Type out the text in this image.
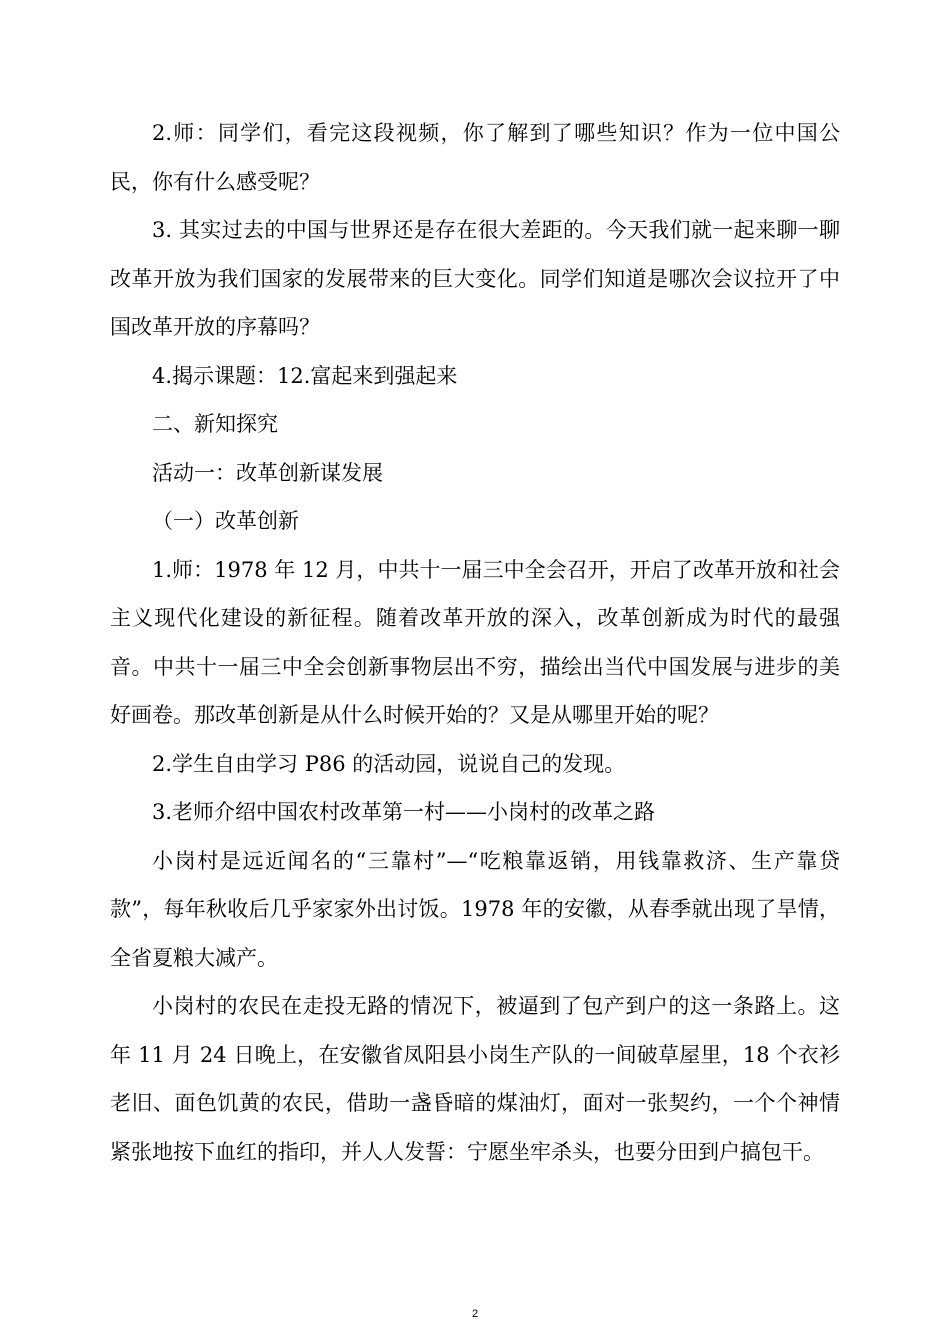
2.师：同学们，看完这段视频，你了解到了哪些知识？作为一位中国公民，你有什么感受呢？

3. 其实过去的中国与世界还是存在很大差距的。今天我们就一起来聊一聊改革开放为我们国家的发展带来的巨大变化。同学们知道是哪次会议拉开了中国改革开放的序幕吗？

4.揭示课题：12.富起来到强起来

二、新知探究

活动一：改革创新谋发展

（一）改革创新

1.师：1978 年 12 月，中共十一届三中全会召开，开启了改革开放和社会主义现代化建设的新征程。随着改革开放的深入，改革创新成为时代的最强音。中共十一届三中全会创新事物层出不穷，描绘出当代中国发展与进步的美好画卷。那改革创新是从什么时候开始的？又是从哪里开始的呢？

2.学生自由学习 P86 的活动园，说说自己的发现。

3.老师介绍中国农村改革第一村——小岗村的改革之路

小岗村是远近闻名的“三靠村”—“吃粮靠返销，用钱靠救济、生产靠贷款”，每年秋收后几乎家家外出讨饭。1978 年的安徽，从春季就出现了旱情，全省夏粮大减产。

小岗村的农民在走投无路的情况下，被逼到了包产到户的这一条路上。这年 11 月 24 日晚上，在安徽省凤阳县小岗生产队的一间破草屋里，18 个衣衫老旧、面色饥黄的农民，借助一盏昏暗的煤油灯，面对一张契约，一个个神情紧张地按下血红的指印，并人人发誓：宁愿坐牢杀头，也要分田到户搞包干。

2
